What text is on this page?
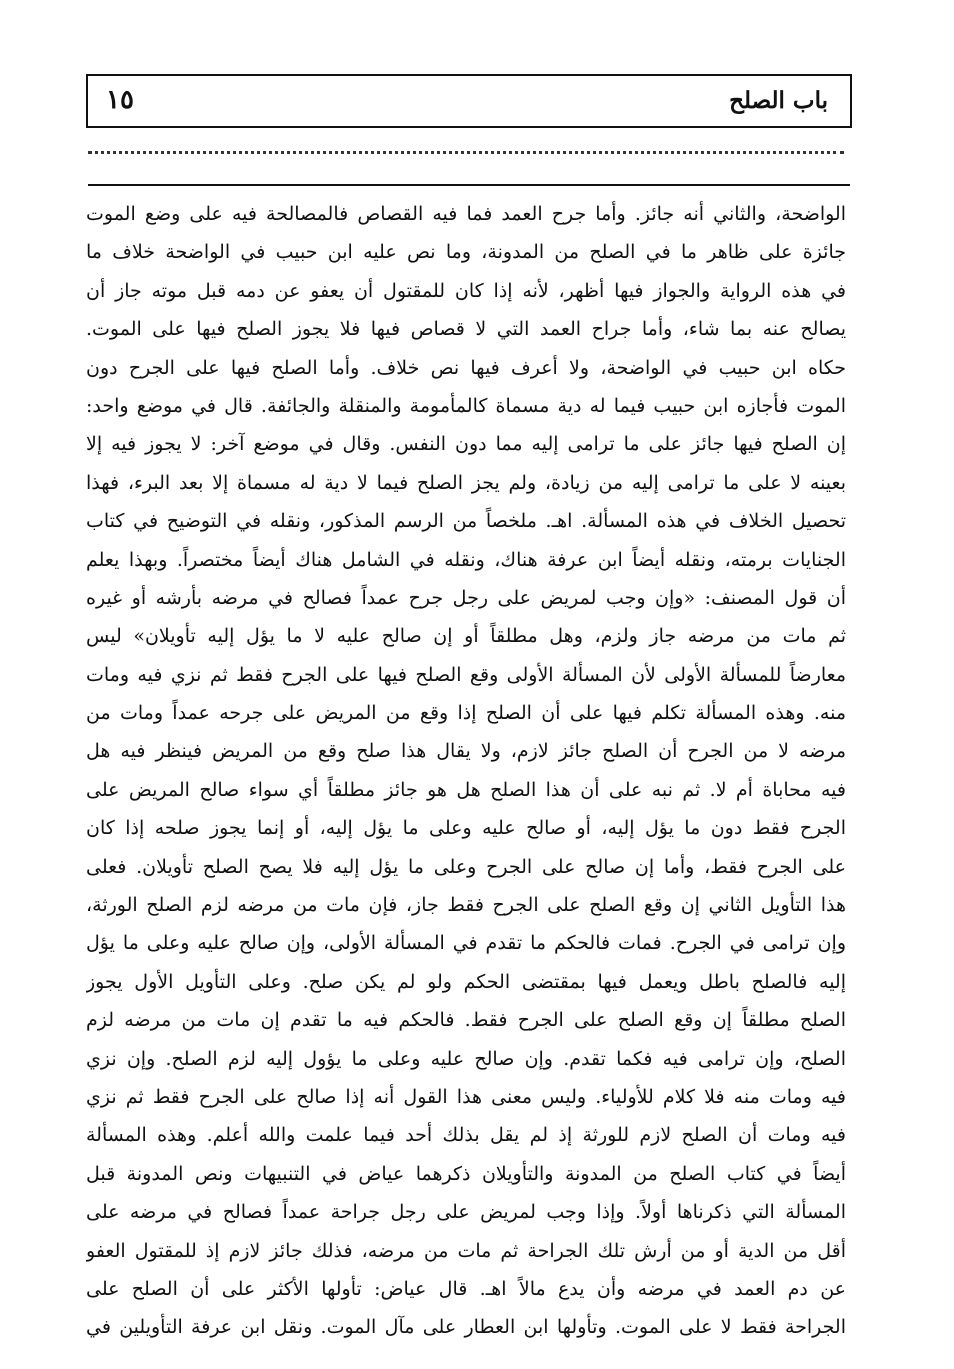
باب الصلح
١٥
الواضحة، والثاني أنه جائز. وأما جرح العمد فما فيه القصاص فالمصالحة فيه على وضع الموت
جائزة على ظاهر ما في الصلح من المدونة، وما نص عليه ابن حبيب في الواضحة خلاف ما
في هذه الرواية والجواز فيها أظهر، لأنه إذا كان للمقتول أن يعفو عن دمه قبل موته جاز أن
يصالح عنه بما شاء، وأما جراح العمد التي لا قصاص فيها فلا يجوز الصلح فيها على الموت.
حكاه ابن حبيب في الواضحة، ولا أعرف فيها نص خلاف. وأما الصلح فيها على الجرح دون
الموت فأجازه ابن حبيب فيما له دية مسماة كالمأمومة والمنقلة والجائفة. قال في موضع واحد:
إن الصلح فيها جائز على ما ترامى إليه مما دون النفس. وقال في موضع آخر: لا يجوز فيه إلا
بعينه لا على ما ترامى إليه من زيادة، ولم يجز الصلح فيما لا دية له مسماة إلا بعد البرء، فهذا
تحصيل الخلاف في هذه المسألة. اهـ. ملخصاً من الرسم المذكور، ونقله في التوضيح في كتاب
الجنايات برمته، ونقله أيضاً ابن عرفة هناك، ونقله في الشامل هناك أيضاً مختصراً. وبهذا يعلم
أن قول المصنف: «وإن وجب لمريض على رجل جرح عمداً فصالح في مرضه بأرشه أو غيره
ثم مات من مرضه جاز ولزم، وهل مطلقاً أو إن صالح عليه لا ما يؤل إليه تأويلان» ليس
معارضاً للمسألة الأولى لأن المسألة الأولى وقع الصلح فيها على الجرح فقط ثم نزي فيه ومات
منه. وهذه المسألة تكلم فيها على أن الصلح إذا وقع من المريض على جرحه عمداً ومات من
مرضه لا من الجرح أن الصلح جائز لازم، ولا يقال هذا صلح وقع من المريض فينظر فيه هل
فيه محاباة أم لا. ثم نبه على أن هذا الصلح هل هو جائز مطلقاً أي سواء صالح المريض على
الجرح فقط دون ما يؤل إليه، أو صالح عليه وعلى ما يؤل إليه، أو إنما يجوز صلحه إذا كان
على الجرح فقط، وأما إن صالح على الجرح وعلى ما يؤل إليه فلا يصح الصلح تأويلان. فعلى
هذا التأويل الثاني إن وقع الصلح على الجرح فقط جاز، فإن مات من مرضه لزم الصلح الورثة،
وإن ترامى في الجرح. فمات فالحكم ما تقدم في المسألة الأولى، وإن صالح عليه وعلى ما يؤل
إليه فالصلح باطل ويعمل فيها بمقتضى الحكم ولو لم يكن صلح. وعلى التأويل الأول يجوز
الصلح مطلقاً إن وقع الصلح على الجرح فقط. فالحكم فيه ما تقدم إن مات من مرضه لزم
الصلح، وإن ترامى فيه فكما تقدم. وإن صالح عليه وعلى ما يؤول إليه لزم الصلح. وإن نزي
فيه ومات منه فلا كلام للأولياء. وليس معنى هذا القول أنه إذا صالح على الجرح فقط ثم نزي
فيه ومات أن الصلح لازم للورثة إذ لم يقل بذلك أحد فيما علمت والله أعلم. وهذه المسألة
أيضاً في كتاب الصلح من المدونة والتأويلان ذكرهما عياض في التنبيهات ونص المدونة قبل
المسألة التي ذكرناها أولاً. وإذا وجب لمريض على رجل جراحة عمداً فصالح في مرضه على
أقل من الدية أو من أرش تلك الجراحة ثم مات من مرضه، فذلك جائز لازم إذ للمقتول العفو
عن دم العمد في مرضه وأن يدع مالاً اهـ. قال عياض: تأولها الأكثر على أن الصلح على
الجراحة فقط لا على الموت. وتأولها ابن العطار على مآل الموت. ونقل ابن عرفة التأويلين في
